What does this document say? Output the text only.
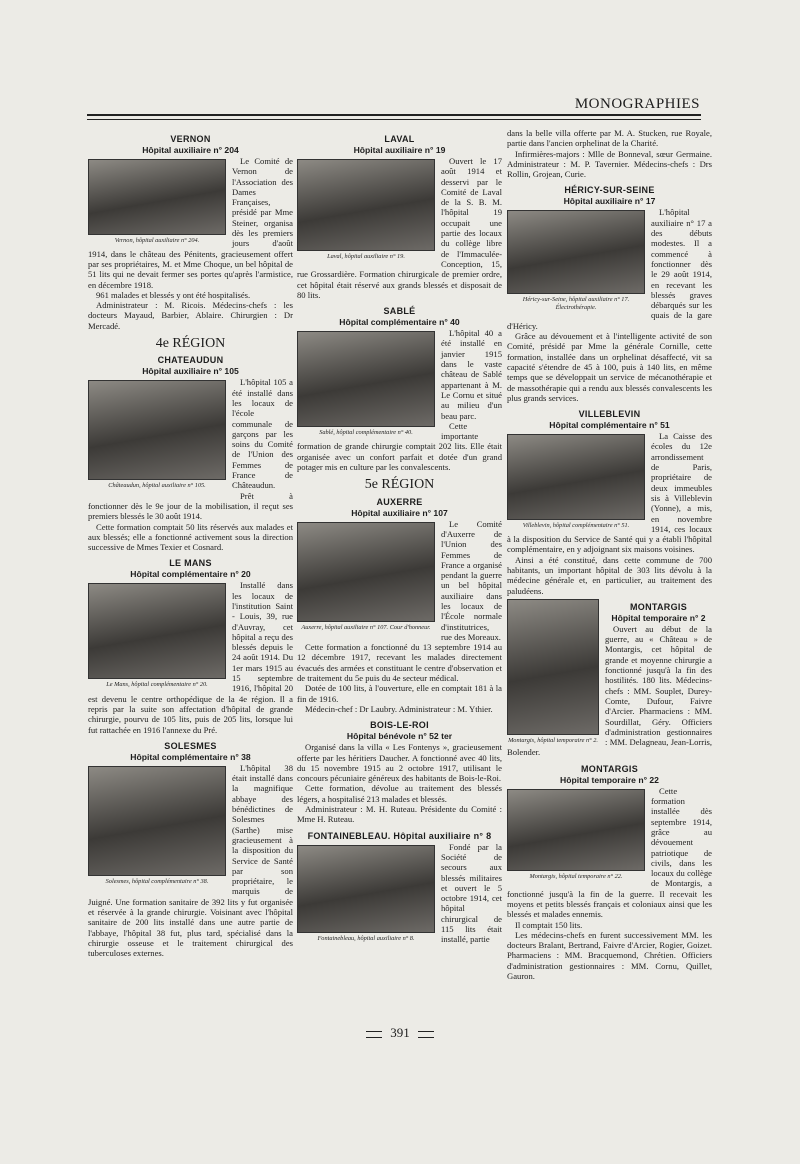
MONOGRAPHIES
VERNON
Hôpital auxiliaire n° 204
Vernon, hôpital auxiliaire n° 204.

Le Comité de Vernon de l'Association des Dames Françaises, présidé par Mme Steiner, organisa dès les premiers jours d'août 1914, dans le château des Pénitents, gracieusement offert par ses propriétaires, M. et Mme Choque, un bel hôpital de 51 lits qui ne devait fermer ses portes qu'après l'armistice, en décembre 1918.

961 malades et blessés y ont été hospitalisés.

Administrateur : M. Ricois. Médecins-chefs : les docteurs Mayaud, Barbier, Ablaire. Chirurgien : Dr Mercadé.

4e RÉGION
CHATEAUDUN
Hôpital auxiliaire n° 105
Châteaudun, hôpital auxiliaire n° 105.

L'hôpital 105 a été installé dans les locaux de l'école communale de garçons par les soins du Comité de l'Union des Femmes de France de Châteaudun.

Prêt à fonctionner dès le 9e jour de la mobilisation, il reçut ses premiers blessés le 30 août 1914.

Cette formation comptait 50 lits réservés aux malades et aux blessés; elle a fonctionné activement sous la direction successive de Mmes Texier et Cosnard.

LE MANS
Hôpital complémentaire n° 20
Le Mans, hôpital complémentaire n° 20.

Installé dans les locaux de l'institution Saint - Louis, 39, rue d'Auvray, cet hôpital a reçu des blessés depuis le 24 août 1914. Du 1er mars 1915 au 15 septembre 1916, l'hôpital 20 est devenu le centre orthopédique de la 4e région. Il a repris par la suite son affectation d'hôpital de grande chirurgie, pourvu de 105 lits, puis de 205 lits, lorsque lui fut rattachée en 1916 l'annexe du Pré.

SOLESMES
Hôpital complémentaire n° 38
Solesmes, hôpital complémentaire n° 38.

L'hôpital 38 était installé dans la magnifique abbaye des bénédictines de Solesmes (Sarthe) mise gracieusement à la disposition du Service de Santé par son propriétaire, le marquis de Juigné. Une formation sanitaire de 392 lits y fut organisée et réservée à la grande chirurgie. Voisinant avec l'hôpital sanitaire de 200 lits installé dans une autre partie de l'abbaye, l'hôpital 38 fut, plus tard, spécialisé dans la chirurgie osseuse et le traitement chirurgical des tuberculoses externes.

LAVAL
Hôpital auxiliaire n° 19
Laval, hôpital auxiliaire n° 19.

Ouvert le 17 août 1914 et desservi par le Comité de Laval de la S. B. M. l'hôpital 19 occupait une partie des locaux du collège libre de l'Immaculée-Conception, 15, rue Grossardière. Formation chirurgicale de premier ordre, cet hôpital était réservé aux grands blessés et disposait de 80 lits.

SABLÉ
Hôpital complémentaire n° 40
Sablé, hôpital complémentaire n° 40.

L'hôpital 40 a été installé en janvier 1915 dans le vaste château de Sablé appartenant à M. Le Cornu et situé au milieu d'un beau parc.

Cette importante formation de grande chirurgie comptait 202 lits. Elle était organisée avec un confort parfait et dotée d'un grand potager mis en culture par les convalescents.

5e RÉGION
AUXERRE
Hôpital auxiliaire n° 107
Auxerre, hôpital auxiliaire n° 107. Cour d'honneur.

Le Comité d'Auxerre de l'Union des Femmes de France a organisé pendant la guerre un bel hôpital auxiliaire dans les locaux de l'École normale d'institutrices, rue des Moreaux.

Cette formation a fonctionné du 13 septembre 1914 au 12 décembre 1917, recevant les malades directement évacués des armées et constituant le centre d'observation et de traitement du 5e puis du 4e secteur médical.

Dotée de 100 lits, à l'ouverture, elle en comptait 181 à la fin de 1916.

Médecin-chef : Dr Laubry. Administrateur : M. Ythier.

BOIS-LE-ROI
Hôpital bénévole n° 52 ter

Organisé dans la villa « Les Fontenys », gracieusement offerte par les héritiers Daucher. A fonctionné avec 40 lits, du 15 novembre 1915 au 2 octobre 1917, utilisant le concours pécuniaire généreux des habitants de Bois-le-Roi.

Cette formation, dévolue au traitement des blessés légers, a hospitalisé 213 malades et blessés.

Administrateur : M. H. Ruteau. Présidente du Comité : Mme H. Ruteau.

FONTAINEBLEAU. Hôpital auxiliaire n° 8
Fontainebleau, hôpital auxiliaire n° 8.

Fondé par la Société de secours aux blessés militaires et ouvert le 5 octobre 1914, cet hôpital chirurgical de 115 lits était installé, partie

dans la belle villa offerte par M. A. Stucken, rue Royale, partie dans l'ancien orphelinat de la Charité.

Infirmières-majors : Mlle de Bonneval, sœur Germaine. Administrateur : M. P. Tavernier. Médecins-chefs : Drs Rollin, Grojean, Curie.

HÉRICY-SUR-SEINE
Hôpital auxiliaire n° 17
Héricy-sur-Seine, hôpital auxiliaire n° 17. Électrothérapie.

L'hôpital auxiliaire n° 17 a des débuts modestes. Il a commencé à fonctionner dès le 29 août 1914, en recevant les blessés graves débarqués sur les quais de la gare d'Héricy.

Grâce au dévouement et à l'intelligente activité de son Comité, présidé par Mme la générale Cornille, cette formation, installée dans un orphelinat désaffecté, vit sa capacité s'étendre de 45 à 100, puis à 140 lits, en même temps que se développait un service de mécanothérapie et de massothérapie qui a rendu aux blessés convalescents les plus grands services.

VILLEBLEVIN
Hôpital complémentaire n° 51
Villeblevin, hôpital complémentaire n° 51.

La Caisse des écoles du 12e arrondissement de Paris, propriétaire de deux immeubles sis à Villeblevin (Yonne), a mis, en novembre 1914, ces locaux à la disposition du Service de Santé qui y a établi l'hôpital complémentaire, en y adjoignant six maisons voisines.

Ainsi a été constitué, dans cette commune de 700 habitants, un important hôpital de 303 lits dévolu à la médecine générale et, en particulier, au traitement des paludéens.

Montargis, hôpital temporaire n° 2.
MONTARGIS
Hôpital temporaire n° 2

Ouvert au début de la guerre, au « Château » de Montargis, cet hôpital de grande et moyenne chirurgie a fonctionné jusqu'à la fin des hostilités. 180 lits. Médecins-chefs : MM. Souplet, Durey-Comte, Dufour, Faivre d'Arcier. Pharmaciens : MM. Sourdillat, Géry. Officiers d'administration gestionnaires : MM. Delagneau, Jean-Lorris, Bolender.

MONTARGIS
Hôpital temporaire n° 22
Montargis, hôpital temporaire n° 22.

Cette formation installée dès septembre 1914, grâce au dévouement patriotique de civils, dans les locaux du collège de Montargis, a fonctionné jusqu'à la fin de la guerre. Il recevait les moyens et petits blessés français et coloniaux ainsi que les blessés et malades ennemis.

Il comptait 150 lits.

Les médecins-chefs en furent successivement MM. les docteurs Bralant, Bertrand, Faivre d'Arcier, Rogier, Goizet. Pharmaciens : MM. Bracquemond, Chrétien. Officiers d'administration gestionnaires : MM. Cornu, Quillet, Gauron.

391
